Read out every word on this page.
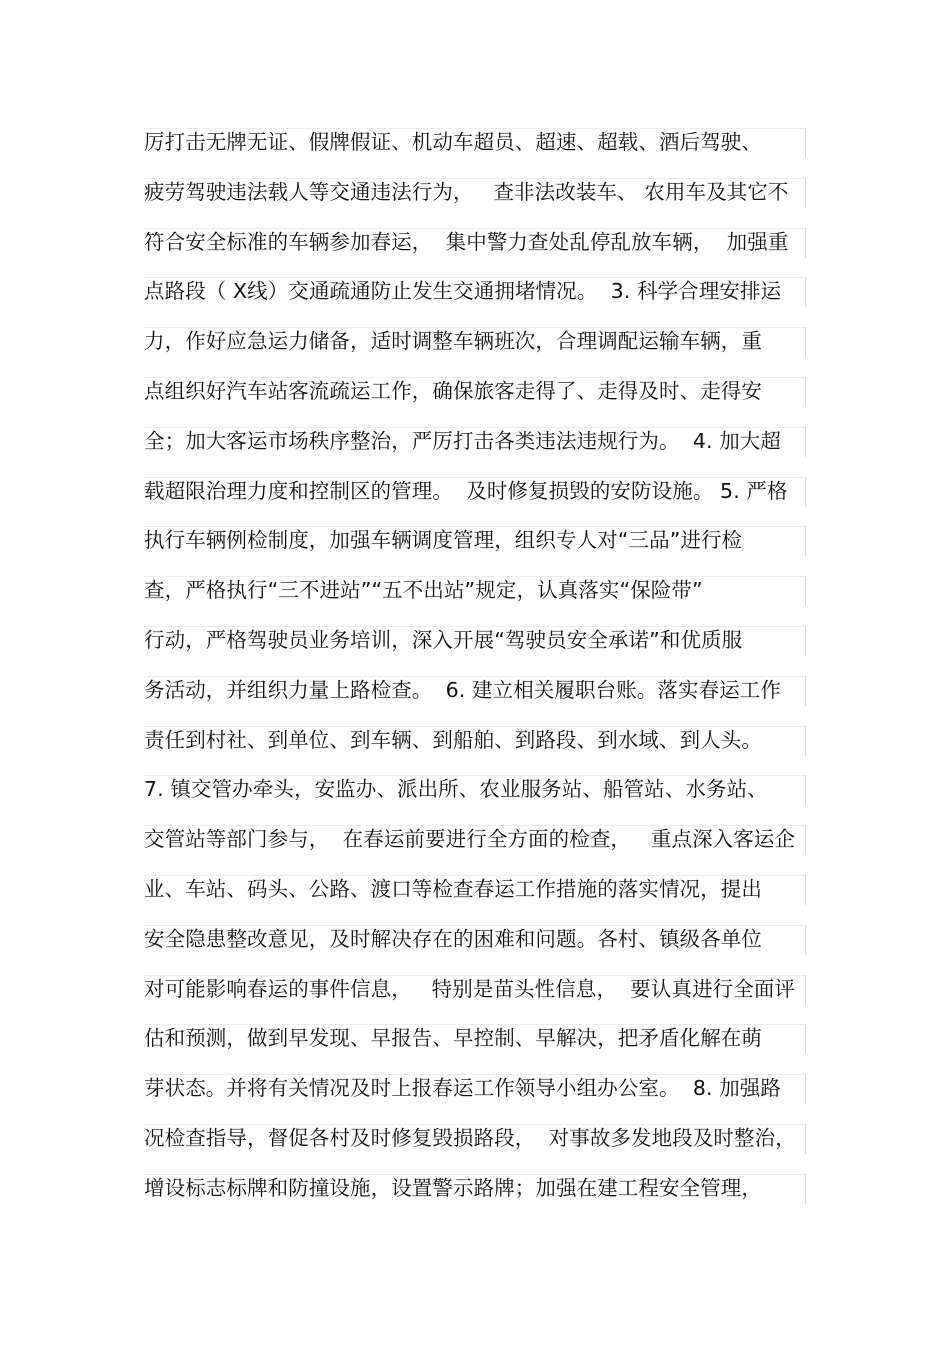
厉打击无牌无证、假牌假证、机动车超员、超速、超载、酒后驾驶、
疲劳驾驶违法载人等交通违法行为，   查非法改装车、 农用车及其它不
符合安全标准的车辆参加春运，  集中警力查处乱停乱放车辆，  加强重
点路段（ X线）交通疏通防止发生交通拥堵情况。  3. 科学合理安排运
力，作好应急运力储备，适时调整车辆班次，合理调配运输车辆，重
点组织好汽车站客流疏运工作，确保旅客走得了、走得及时、走得安
全；加大客运市场秩序整治，严厉打击各类违法违规行为。  4. 加大超
载超限治理力度和控制区的管理。  及时修复损毁的安防设施。 5. 严格
执行车辆例检制度，加强车辆调度管理，组织专人对“三品”进行检
查，严格执行“三不进站”“五不出站”规定，认真落实“保险带”
行动，严格驾驶员业务培训，深入开展“驾驶员安全承诺”和优质服
务活动，并组织力量上路检查。  6. 建立相关履职台账。落实春运工作
责任到村社、到单位、到车辆、到船舶、到路段、到水域、到人头。
7. 镇交管办牵头，安监办、派出所、农业服务站、船管站、水务站、
交管站等部门参与，  在春运前要进行全方面的检查，   重点深入客运企
业、车站、码头、公路、渡口等检查春运工作措施的落实情况，提出
安全隐患整改意见，及时解决存在的困难和问题。各村、镇级各单位
对可能影响春运的事件信息，   特别是苗头性信息，  要认真进行全面评
估和预测，做到早发现、早报告、早控制、早解决，把矛盾化解在萌
芽状态。并将有关情况及时上报春运工作领导小组办公室。  8. 加强路
况检查指导，督促各村及时修复毁损路段，  对事故多发地段及时整治，
增设标志标牌和防撞设施，设置警示路牌；加强在建工程安全管理，
